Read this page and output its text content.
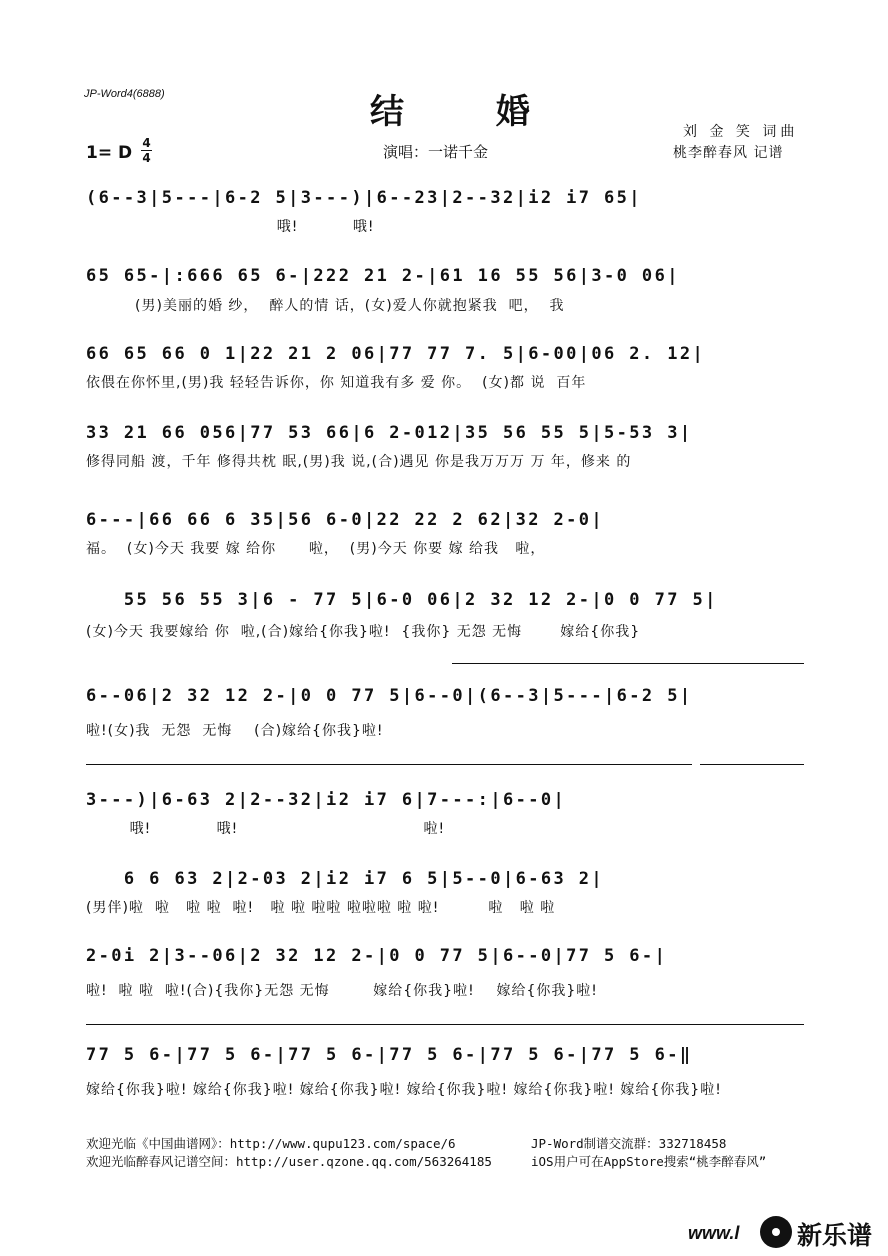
JP-Word4(6888)	结 婚
演唱：一诺千金
刘 金 笑 词曲
桃李醉春风 记谱
1= D 4
4
(6--3|5---|6-2 5|3---)|6--23|2--32|i2 i7 65|
哦!          哦!
65 65-|:666 65 6-|222 21 2-|61 16 55 56|3-0 06|
(男)美丽的婚 纱，  醉人的情 话，(女)爱人你就抱紧我  吧，  我
66 65 66 0 1|22 21 2 06|77 77 7. 5|6-00|06 2. 12|
依偎在你怀里,(男)我 轻轻告诉你，你 知道我有多 爱 你。  (女)都 说  百年
33 21 66 056|77 53 66|6 2-012|35 56 55 5|5-53 3|
修得同船 渡，千年 修得共枕 眠,(男)我 说,(合)遇见 你是我万万万 万 年，修来 的
6---|66 66 6 35|56 6-0|22 22 2 62|32 2-0|
福。  (女)今天 我要 嫁 给你      啦，  (男)今天 你要 嫁 给我   啦，
55 56 55 3|6 - 77 5|6-0 06|2 32 12 2-|0 0 77 5|
(女)今天 我要嫁给 你  啦,(合)嫁给{你我}啦!  {我你} 无怨 无悔       嫁给{你我}
6--06|2 32 12 2-|0 0 77 5|6--0|(6--3|5---|6-2 5|
啦!(女)我  无怨  无悔    (合)嫁给{你我}啦!
3---)|6-63 2|2--32|i2 i7 6|7---:|6--0|
哦!            哦!                                  啦!
6 6 63 2|2-03 2|i2 i7 6 5|5--0|6-63 2|
(男伴)啦  啦   啦 啦  啦!   啦 啦 啦啦 啦啦啦 啦 啦!         啦   啦 啦
2-0i 2|3--06|2 32 12 2-|0 0 77 5|6--0|77 5 6-|
啦!  啦 啦  啦!(合){我你}无怨 无悔        嫁给{你我}啦!    嫁给{你我}啦!
77 5 6-|77 5 6-|77 5 6-|77 5 6-|77 5 6-|77 5 6-‖
嫁给{你我}啦! 嫁给{你我}啦! 嫁给{你我}啦! 嫁给{你我}啦! 嫁给{你我}啦! 嫁给{你我}啦!
欢迎光临《中国曲谱网》：http://www.qupu123.com/space/6	JP-Word制谱交流群：332718458
欢迎光临醉春风记谱空间：http://user.qzone.qq.com/563264185	iOS用户可在AppStore搜索“桃李醉春风”
www.l 新乐谱
